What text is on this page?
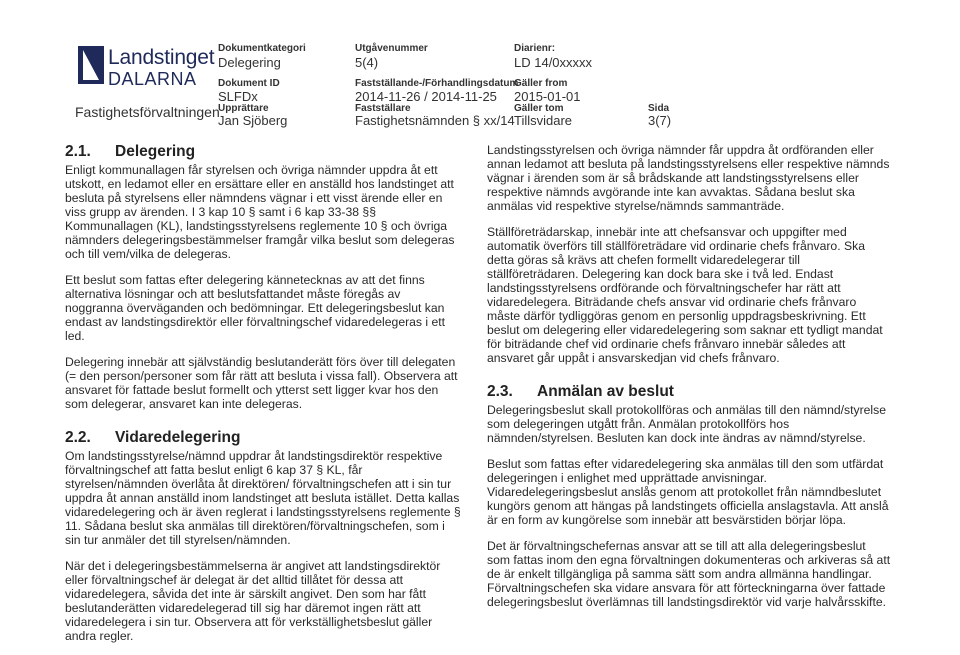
Landstinget
DALARNA
Fastighetsförvaltningen
Dokumentkategori
Delegering
Dokument ID
SLFDx
Upprättare
Jan Sjöberg
Utgåvenummer
5(4)
Fastställande-/Förhandlingsdatum
2014-11-26 / 2014-11-25
Fastställare
Fastighetsnämnden § xx/14
Diarienr:
LD 14/0xxxxx
Gäller from
2015-01-01
Gäller tom
Tillsvidare
Sida
3(7)
2.1. Delegering

Enligt kommunallagen får styrelsen och övriga nämnder uppdra åt ett utskott, en ledamot eller en ersättare eller en anställd hos landstinget att besluta på styrelsens eller nämndens vägnar i ett visst ärende eller en viss grupp av ärenden. I 3 kap 10 § samt i 6 kap 33-38 §§ Kommunallagen (KL), landstingsstyrelsens reglemente 10 § och övriga nämnders delegeringsbestämmelser framgår vilka beslut som delegeras och till vem/vilka de delegeras.

Ett beslut som fattas efter delegering kännetecknas av att det finns alternativa lösningar och att beslutsfattandet måste föregås av noggranna överväganden och bedömningar. Ett delegeringsbeslut kan endast av landstingsdirektör eller förvaltningschef vidaredelegeras i ett led.

Delegering innebär att självständig beslutanderätt förs över till delegaten (= den person/personer som får rätt att besluta i vissa fall). Observera att ansvaret för fattade beslut formellt och ytterst sett ligger kvar hos den som delegerar, ansvaret kan inte delegeras.

2.2. Vidaredelegering

Om landstingsstyrelse/nämnd uppdrar åt landstingsdirektör respektive förvaltningschef att fatta beslut enligt 6 kap 37 § KL, får styrelsen/nämnden överlåta åt direktören/ förvaltningschefen att i sin tur uppdra åt annan anställd inom landstinget att besluta istället. Detta kallas vidaredelegering och är även reglerat i landstingsstyrelsens reglemente § 11. Sådana beslut ska anmälas till direktören/förvaltningschefen, som i sin tur anmäler det till styrelsen/nämnden.

När det i delegeringsbestämmelserna är angivet att landstingsdirektör eller förvaltningschef är delegat är det alltid tillåtet för dessa att vidaredelegera, såvida det inte är särskilt angivet. Den som har fått beslutanderätten vidaredelegerad till sig har däremot ingen rätt att vidaredelegera i sin tur. Observera att för verkställighetsbeslut gäller andra regler.

Landstingsstyrelsen och övriga nämnder får uppdra åt ordföranden eller annan ledamot att besluta på landstingsstyrelsens eller respektive nämnds vägnar i ärenden som är så brådskande att landstingsstyrelsens eller respektive nämnds avgörande inte kan avvaktas. Sådana beslut ska anmälas vid respektive styrelse/nämnds sammanträde.

Ställföreträdarskap, innebär inte att chefsansvar och uppgifter med automatik överförs till ställföreträdare vid ordinarie chefs frånvaro. Ska detta göras så krävs att chefen formellt vidaredelegerar till ställföreträdaren. Delegering kan dock bara ske i två led. Endast landstingsstyrelsens ordförande och förvaltningschefer har rätt att vidaredelegera. Biträdande chefs ansvar vid ordinarie chefs frånvaro måste därför tydliggöras genom en personlig uppdragsbeskrivning. Ett beslut om delegering eller vidaredelegering som saknar ett tydligt mandat för biträdande chef vid ordinarie chefs frånvaro innebär således att ansvaret går uppåt i ansvarskedjan vid chefs frånvaro.

2.3. Anmälan av beslut

Delegeringsbeslut skall protokollföras och anmälas till den nämnd/styrelse som delegeringen utgått från. Anmälan protokollförs hos nämnden/styrelsen. Besluten kan dock inte ändras av nämnd/styrelse.

Beslut som fattas efter vidaredelegering ska anmälas till den som utfärdat delegeringen i enlighet med upprättade anvisningar. Vidaredelegeringsbeslut anslås genom att protokollet från nämndbeslutet kungörs genom att hängas på landstingets officiella anslagstavla. Att anslå är en form av kungörelse som innebär att besvärstiden börjar löpa.

Det är förvaltningschefernas ansvar att se till att alla delegeringsbeslut som fattas inom den egna förvaltningen dokumenteras och arkiveras så att de är enkelt tillgängliga på samma sätt som andra allmänna handlingar. Förvaltningschefen ska vidare ansvara för att förteckningarna över fattade delegeringsbeslut överlämnas till landstingsdirektör vid varje halvårsskifte.
